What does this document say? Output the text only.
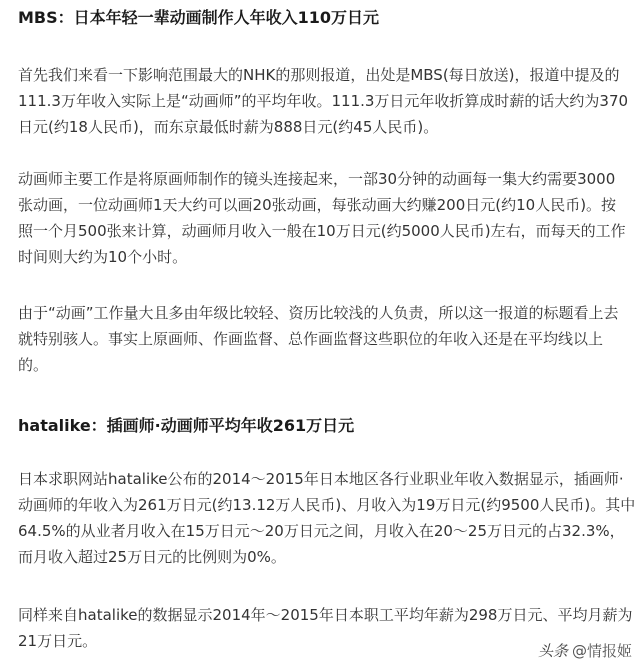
MBS：日本年轻一辈动画制作人年收入110万日元

首先我们来看一下影响范围最大的NHK的那则报道，出处是MBS(每日放送)，报道中提及的
111.3万年收入实际上是“动画师”的平均年收。111.3万日元年收折算成时薪的话大约为370
日元(约18人民币)，而东京最低时薪为888日元(约45人民币)。

动画师主要工作是将原画师制作的镜头连接起来，一部30分钟的动画每一集大约需要3000
张动画，一位动画师1天大约可以画20张动画，每张动画大约赚200日元(约10人民币)。按
照一个月500张来计算，动画师月收入一般在10万日元(约5000人民币)左右，而每天的工作
时间则大约为10个小时。

由于“动画”工作量大且多由年级比较轻、资历比较浅的人负责，所以这一报道的标题看上去
就特别骇人。事实上原画师、作画监督、总作画监督这些职位的年收入还是在平均线以上
的。

hatalike：插画师·动画师平均年收261万日元

日本求职网站hatalike公布的2014～2015年日本地区各行业职业年收入数据显示，插画师·
动画师的年收入为261万日元(约13.12万人民币)、月收入为19万日元(约9500人民币)。其中
64.5%的从业者月收入在15万日元～20万日元之间，月收入在20～25万日元的占32.3%，
而月收入超过25万日元的比例则为0%。

同样来自hatalike的数据显示2014年～2015年日本职工平均年薪为298万日元、平均月薪为
21万日元。

头条 @情报姬
